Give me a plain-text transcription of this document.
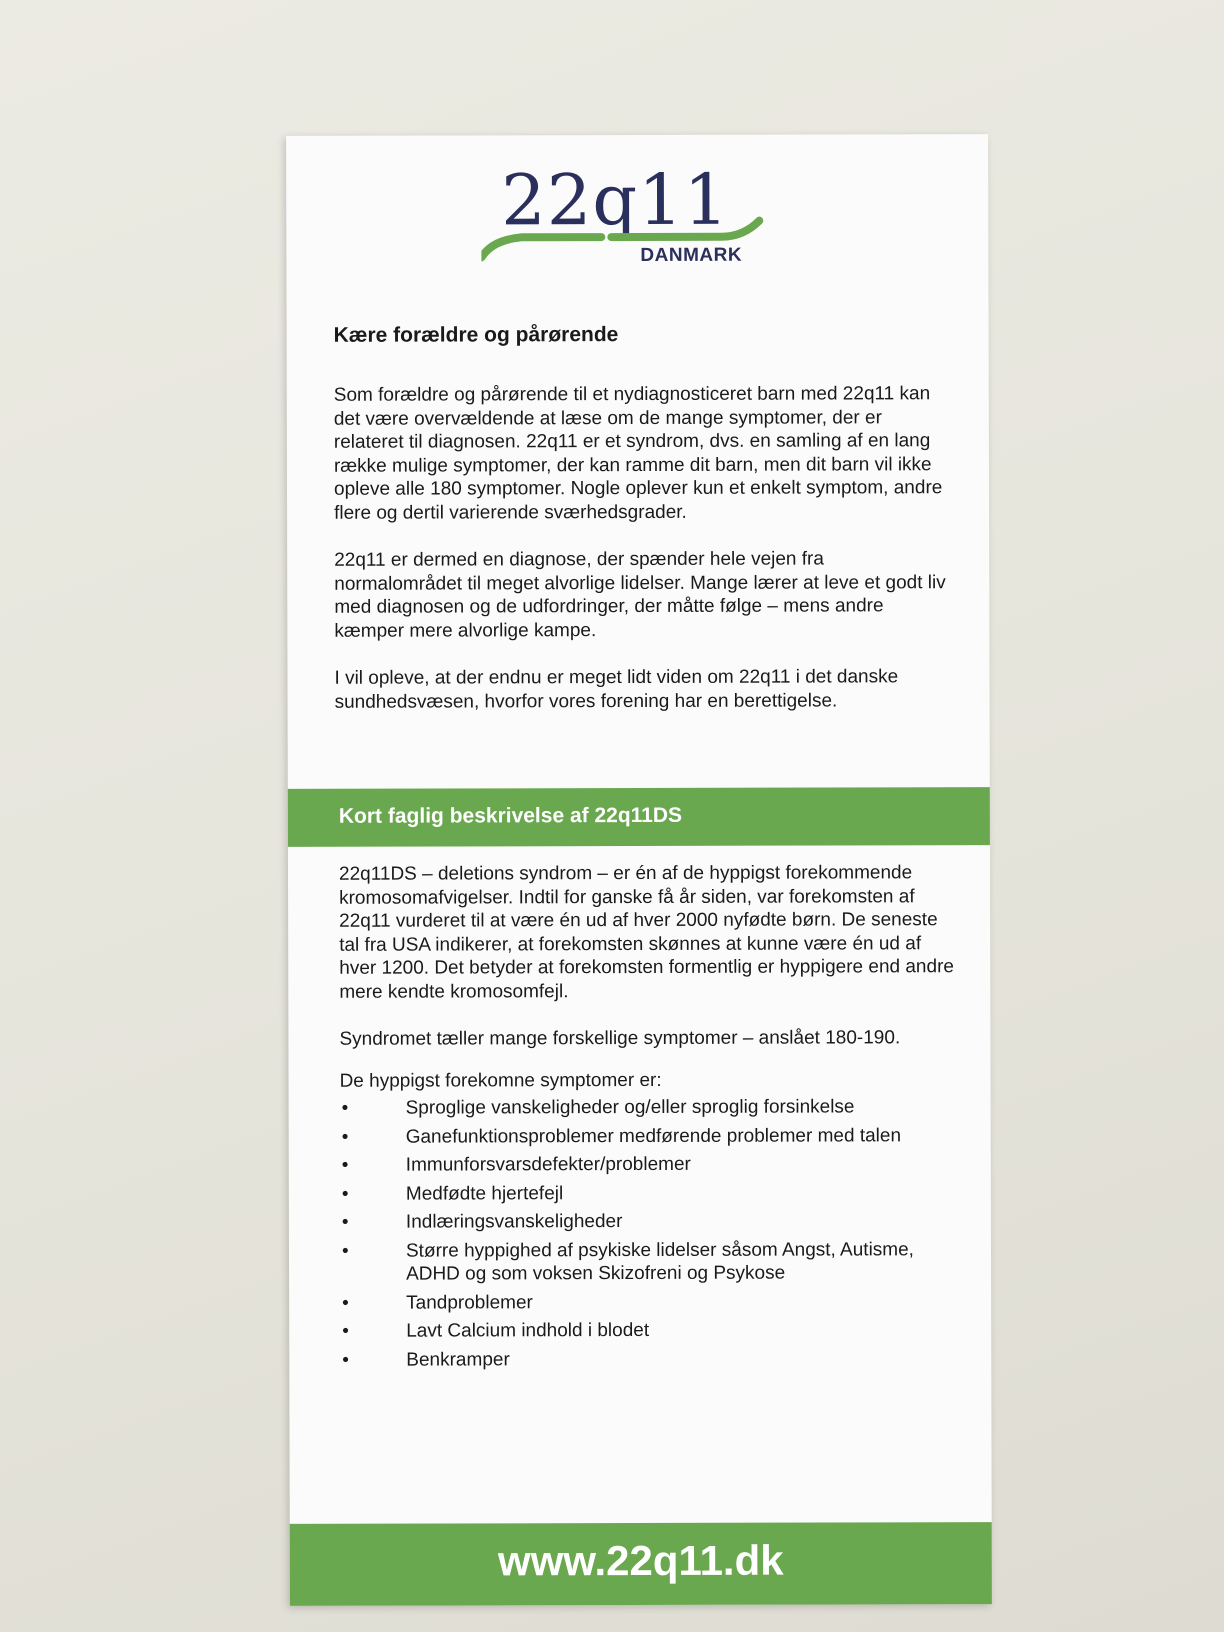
22q11
DANMARK
Kære forældre og pårørende

Som forældre og pårørende til et nydiagnosticeret barn med 22q11 kan det være overvældende at læse om de mange symptomer, der er relateret til diagnosen. 22q11 er et syndrom, dvs. en samling af en lang række mulige symptomer, der kan ramme dit barn, men dit barn vil ikke opleve alle 180 symptomer. Nogle oplever kun et enkelt symptom, andre flere og dertil varierende sværhedsgrader.

22q11 er dermed en diagnose, der spænder hele vejen fra normalområdet til meget alvorlige lidelser. Mange lærer at leve et godt liv med diagnosen og de udfordringer, der måtte følge – mens andre kæmper mere alvorlige kampe.

I vil opleve, at der endnu er meget lidt viden om 22q11 i det danske sundhedsvæsen, hvorfor vores forening har en berettigelse.

Kort faglig beskrivelse af 22q11DS

22q11DS – deletions syndrom – er én af de hyppigst forekommende kromosomafvigelser. Indtil for ganske få år siden, var forekomsten af 22q11 vurderet til at være én ud af hver 2000 nyfødte børn. De seneste tal fra USA indikerer, at forekomsten skønnes at kunne være én ud af hver 1200. Det betyder at forekomsten formentlig er hyppigere end andre mere kendte kromosomfejl.

Syndromet tæller mange forskellige symptomer – anslået 180-190.

De hyppigst forekomne symptomer er:

•	Sproglige vanskeligheder og/eller sproglig forsinkelse
•	Ganefunktionsproblemer medførende problemer med talen
•	Immunforsvarsdefekter/problemer
•	Medfødte hjertefejl
•	Indlæringsvanskeligheder
•	Større hyppighed af psykiske lidelser såsom Angst, Autisme, ADHD og som voksen Skizofreni og Psykose
•	Tandproblemer
•	Lavt Calcium indhold i blodet
•	Benkramper
www.22q11.dk
